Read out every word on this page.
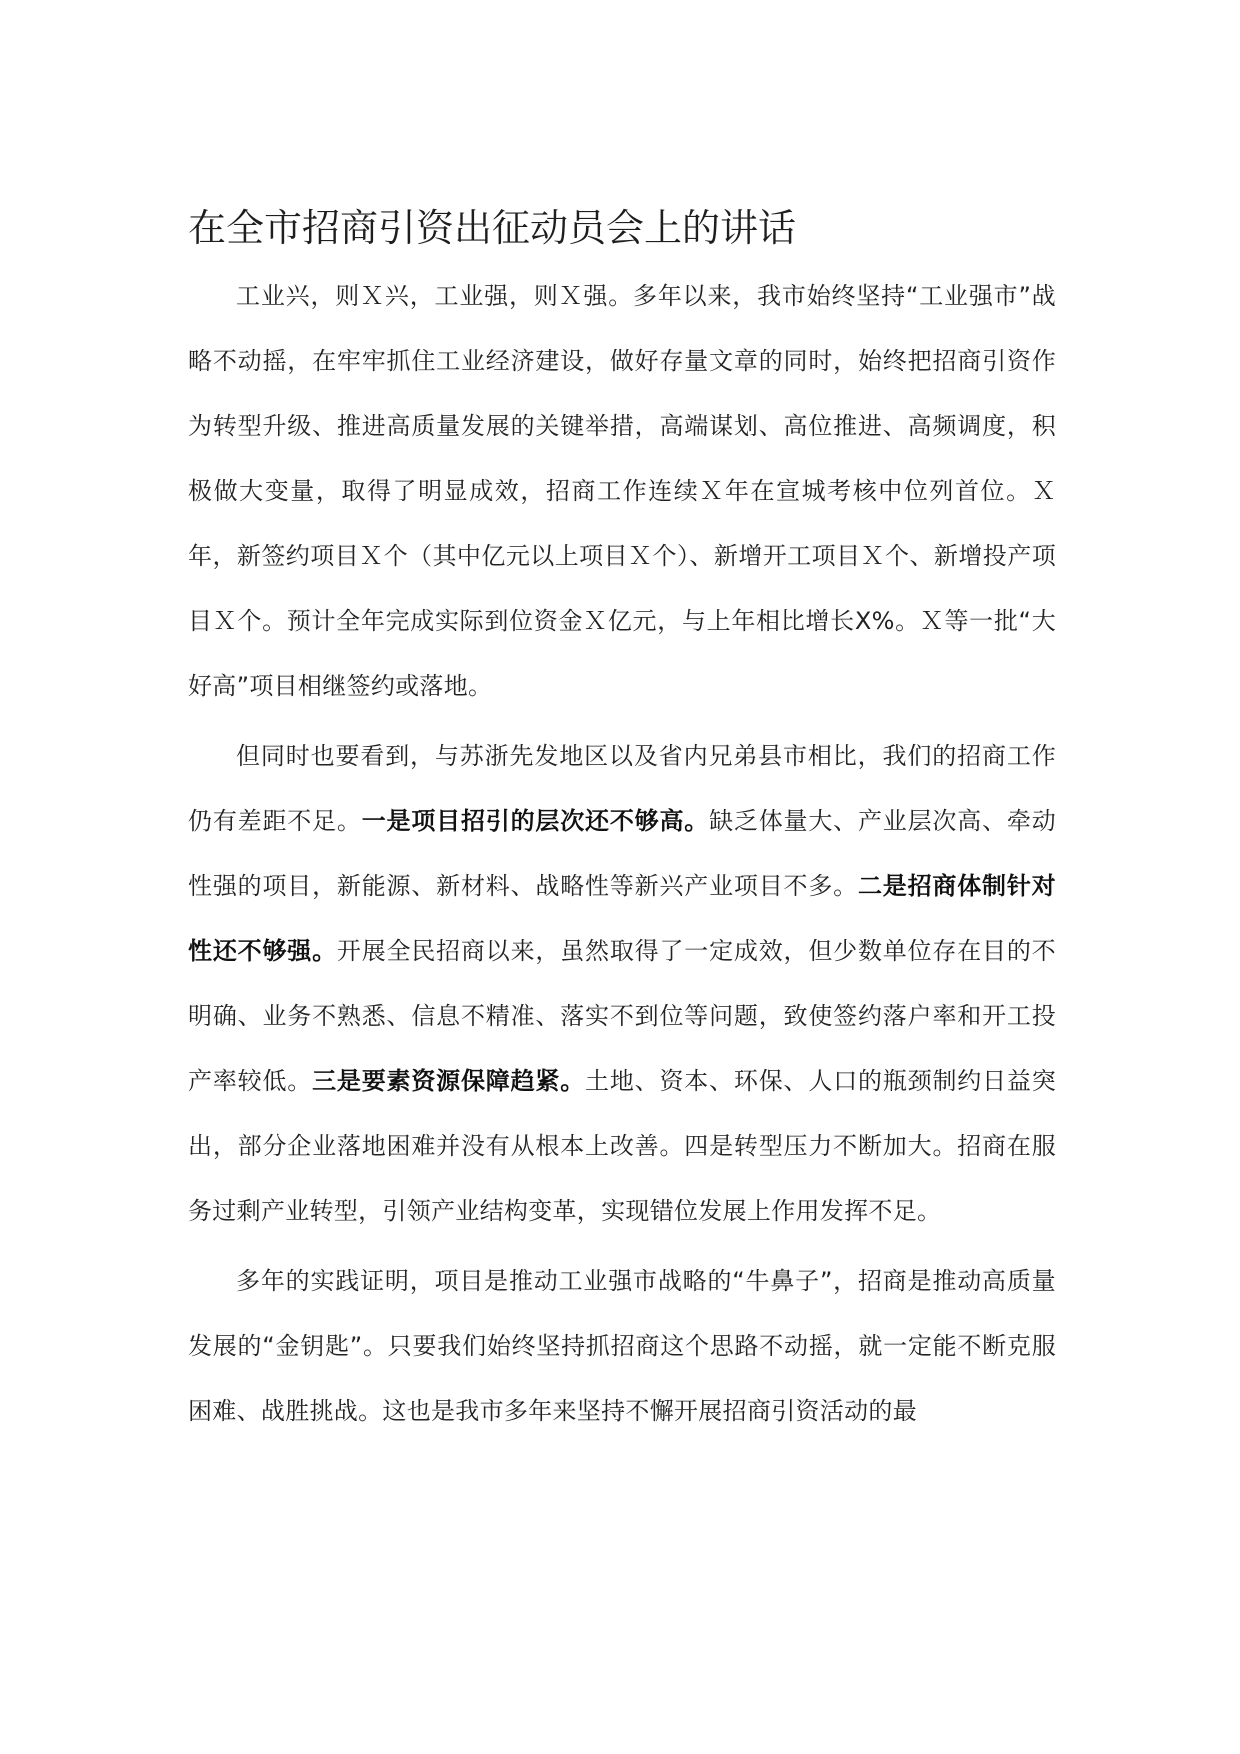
在全市招商引资出征动员会上的讲话

工业兴，则Ｘ兴，工业强，则Ｘ强。多年以来，我市始终坚持“工业强市”战略不动摇，在牢牢抓住工业经济建设，做好存量文章的同时，始终把招商引资作为转型升级、推进高质量发展的关键举措，高端谋划、高位推进、高频调度，积极做大变量，取得了明显成效，招商工作连续Ｘ年在宣城考核中位列首位。Ｘ年，新签约项目Ｘ个（其中亿元以上项目Ｘ个）、新增开工项目Ｘ个、新增投产项目Ｘ个。预计全年完成实际到位资金Ｘ亿元，与上年相比增长X%。Ｘ等一批“大好高”项目相继签约或落地。

但同时也要看到，与苏浙先发地区以及省内兄弟县市相比，我们的招商工作仍有差距不足。一是项目招引的层次还不够高。缺乏体量大、产业层次高、牵动性强的项目，新能源、新材料、战略性等新兴产业项目不多。二是招商体制针对性还不够强。开展全民招商以来，虽然取得了一定成效，但少数单位存在目的不明确、业务不熟悉、信息不精准、落实不到位等问题，致使签约落户率和开工投产率较低。三是要素资源保障趋紧。土地、资本、环保、人口的瓶颈制约日益突出，部分企业落地困难并没有从根本上改善。四是转型压力不断加大。招商在服务过剩产业转型，引领产业结构变革，实现错位发展上作用发挥不足。

多年的实践证明，项目是推动工业强市战略的“牛鼻子”，招商是推动高质量发展的“金钥匙”。只要我们始终坚持抓招商这个思路不动摇，就一定能不断克服困难、战胜挑战。这也是我市多年来坚持不懈开展招商引资活动的最
